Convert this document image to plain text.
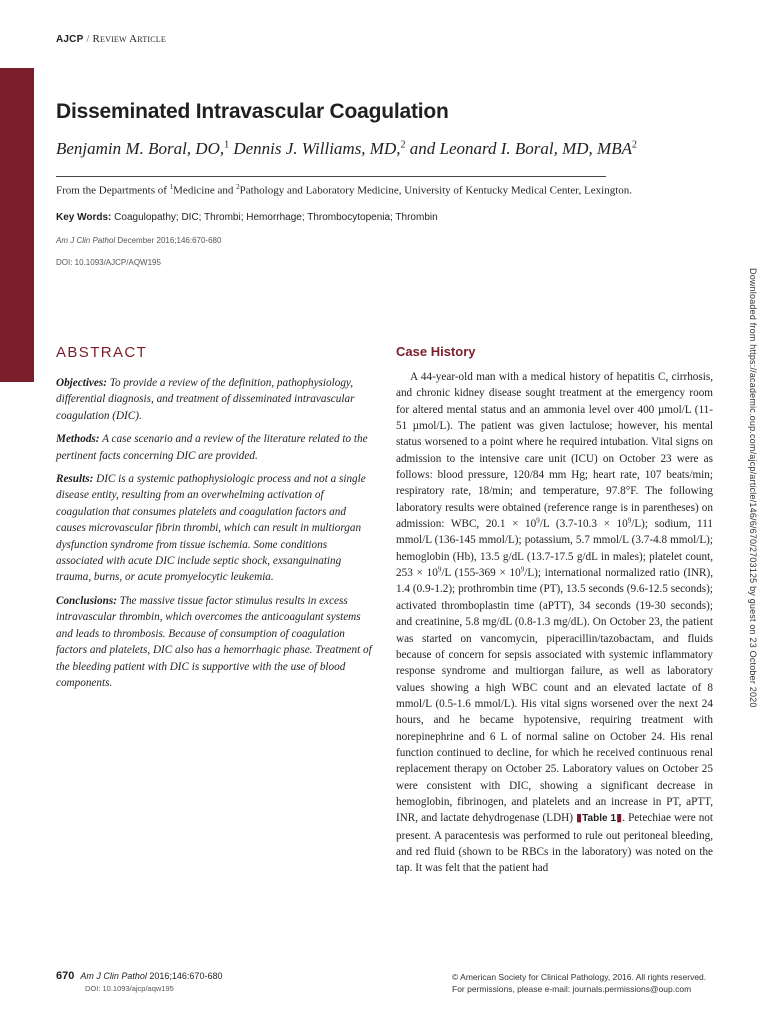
AJCP / Review Article
Disseminated Intravascular Coagulation
Benjamin M. Boral, DO,$^1$ Dennis J. Williams, MD,$^2$ and Leonard I. Boral, MD, MBA$^2$
From the Departments of $^1$Medicine and $^2$Pathology and Laboratory Medicine, University of Kentucky Medical Center, Lexington.
Key Words: Coagulopathy; DIC; Thrombi; Hemorrhage; Thrombocytopenia; Thrombin
Am J Clin Pathol December 2016;146:670-680
DOI: 10.1093/AJCP/AQW195
ABSTRACT

Objectives: To provide a review of the definition, pathophysiology, differential diagnosis, and treatment of disseminated intravascular coagulation (DIC).

Methods: A case scenario and a review of the literature related to the pertinent facts concerning DIC are provided.

Results: DIC is a systemic pathophysiologic process and not a single disease entity, resulting from an overwhelming activation of coagulation that consumes platelets and coagulation factors and causes microvascular fibrin thrombi, which can result in multiorgan dysfunction syndrome from tissue ischemia. Some conditions associated with acute DIC include septic shock, exsanguinating trauma, burns, or acute promyelocytic leukemia.

Conclusions: The massive tissue factor stimulus results in excess intravascular thrombin, which overcomes the anticoagulant systems and leads to thrombosis. Because of consumption of coagulation factors and platelets, DIC also has a hemorrhagic phase. Treatment of the bleeding patient with DIC is supportive with the use of blood components.

Case History

A 44-year-old man with a medical history of hepatitis C, cirrhosis, and chronic kidney disease sought treatment at the emergency room for altered mental status and an ammonia level over 400 µmol/L (11-51 µmol/L). The patient was given lactulose; however, his mental status worsened to a point where he required intubation. Vital signs on admission to the intensive care unit (ICU) on October 23 were as follows: blood pressure, 120/84 mm Hg; heart rate, 107 beats/min; respiratory rate, 18/min; and temperature, 97.8°F. The following laboratory results were obtained (reference range is in parentheses) on admission: WBC, $20.1 \times 10^9/L$ $(3.7-10.3 \times 10^9/L)$; sodium, 111 mmol/L (136-145 mmol/L); potassium, 5.7 mmol/L (3.7-4.8 mmol/L); hemoglobin (Hb), 13.5 g/dL (13.7-17.5 g/dL in males); platelet count, $253 \times 10^9/L$ $(155-369 \times 10^9/L)$; international normalized ratio (INR), 1.4 (0.9-1.2); prothrombin time (PT), 13.5 seconds (9.6-12.5 seconds); activated thromboplastin time (aPTT), 34 seconds (19-30 seconds); and creatinine, 5.8 mg/dL (0.8-1.3 mg/dL). On October 23, the patient was started on vancomycin, piperacillin/tazobactam, and fluids because of concern for sepsis associated with systemic inflammatory response syndrome and multiorgan failure, as well as laboratory values showing a high WBC count and an elevated lactate of 8 mmol/L (0.5-1.6 mmol/L). His vital signs worsened over the next 24 hours, and he became hypotensive, requiring treatment with norepinephrine and 6 L of normal saline on October 24. His renal function continued to decline, for which he received continuous renal replacement therapy on October 25. Laboratory values on October 25 were consistent with DIC, showing a significant decrease in hemoglobin, fibrinogen, and platelets and an increase in PT, aPTT, INR, and lactate dehydrogenase (LDH) ▮Table 1▮. Petechiae were not present. A paracentesis was performed to rule out peritoneal bleeding, and red fluid (shown to be RBCs in the laboratory) was noted on the tap. It was felt that the patient had

Downloaded from https://academic.oup.com/ajcp/article/146/6/670/2703125 by guest on 23 October 2020
670 Am J Clin Pathol 2016;146:670-680
DOI: 10.1093/ajcp/aqw195
© American Society for Clinical Pathology, 2016. All rights reserved.
For permissions, please e-mail: journals.permissions@oup.com
